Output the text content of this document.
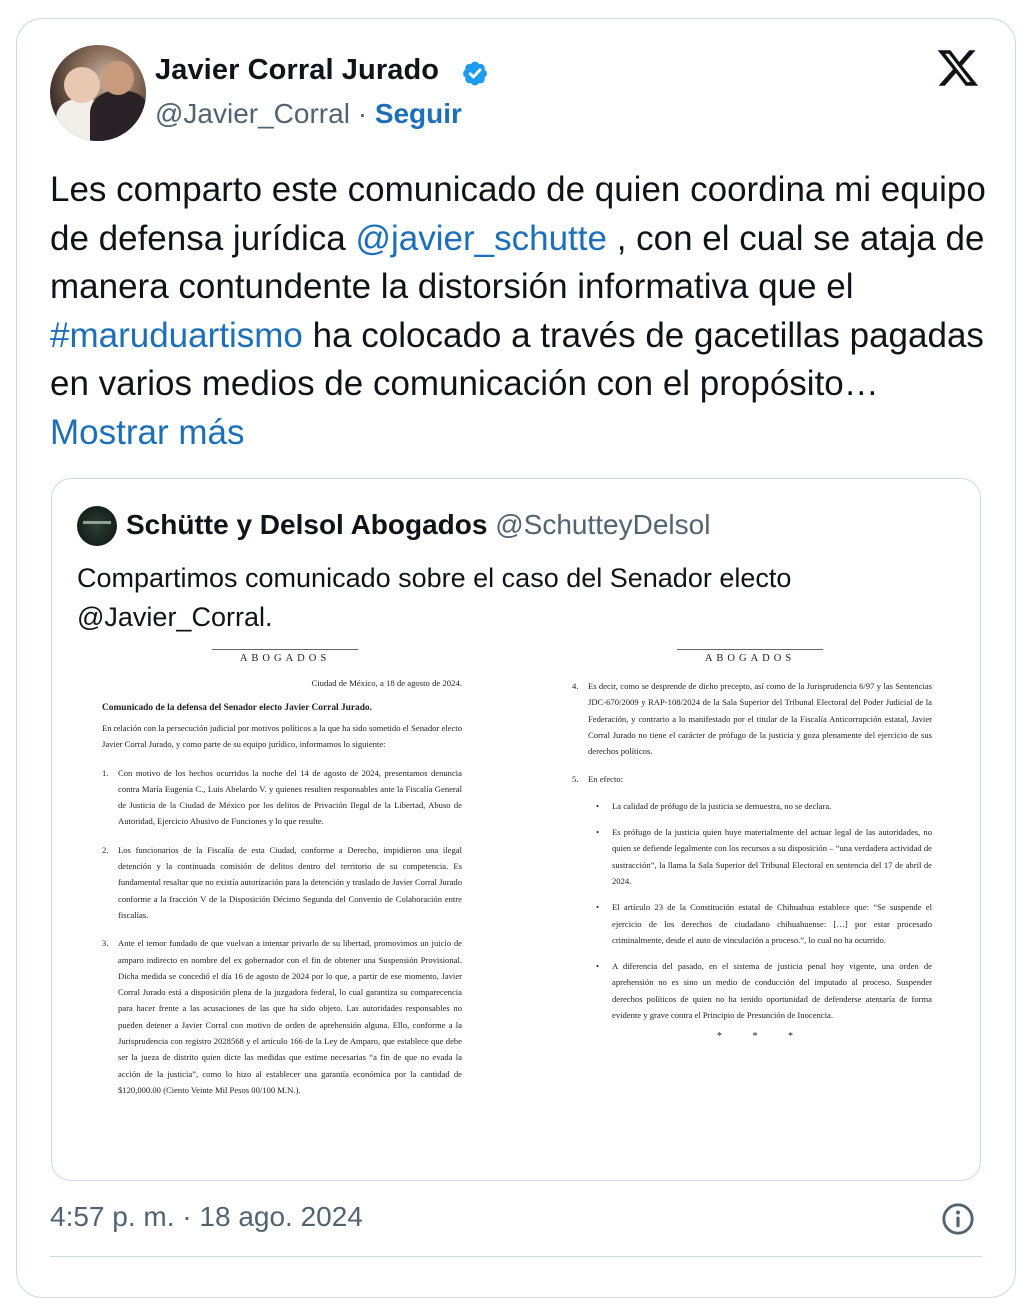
Javier Corral Jurado
@Javier_Corral · Seguir
Les comparto este comunicado de quien coordina mi equipo de defensa jurídica @javier_schutte , con el cual se ataja de manera contundente la distorsión informativa que el #maruduartismo ha colocado a través de gacetillas pagadas en varios medios de comunicación con el propósito… Mostrar más
Schütte y Delsol Abogados @SchutteyDelsol
Compartimos comunicado sobre el caso del Senador electo @Javier_Corral.
ABOGADOS
Ciudad de México, a 18 de agosto de 2024.
Comunicado de la defensa del Senador electo Javier Corral Jurado.
En relación con la persecución judicial por motivos políticos a la que ha sido sometido el Senador electo Javier Corral Jurado, y como parte de su equipo jurídico, informamos lo siguiente:
1. Con motivo de los hechos ocurridos la noche del 14 de agosto de 2024, presentamos denuncia contra María Eugenia C., Luis Abelardo V. y quienes resulten responsables ante la Fiscalía General de Justicia de la Ciudad de México por los delitos de Privación Ilegal de la Libertad, Abuso de Autoridad, Ejercicio Abusivo de Funciones y lo que resulte.
2. Los funcionarios de la Fiscalía de esta Ciudad, conforme a Derecho, impidieron una ilegal detención y la continuada comisión de delitos dentro del territorio de su competencia. Es fundamental resaltar que no existía autorización para la detención y traslado de Javier Corral Jurado conforme a la fracción V de la Disposición Décimo Segunda del Convenio de Colaboración entre fiscalías.
3. Ante el temor fundado de que vuelvan a intentar privarlo de su libertad, promovimos un juicio de amparo indirecto en nombre del ex gobernador con el fin de obtener una Suspensión Provisional. Dicha medida se concedió el día 16 de agosto de 2024 por lo que, a partir de ese momento, Javier Corral Jurado está a disposición plena de la juzgadora federal, lo cual garantiza su comparecencia para hacer frente a las acusaciones de las que ha sido objeto. Las autoridades responsables no pueden detener a Javier Corral con motivo de orden de aprehensión alguna. Ello, conforme a la Jurisprudencia con registro 2028568 y el artículo 166 de la Ley de Amparo, que establece que debe ser la jueza de distrito quien dicte las medidas que estime necesarias “a fin de que no evada la acción de la justicia”, como lo hizo al establecer una garantía económica por la cantidad de $120,000.00 (Ciento Veinte Mil Pesos 00/100 M.N.).
ABOGADOS
4. Es decir, como se desprende de dicho precepto, así como de la Jurisprudencia 6/97 y las Sentencias JDC-670/2009 y RAP-108/2024 de la Sala Superior del Tribunal Electoral del Poder Judicial de la Federación, y contrario a lo manifestado por el titular de la Fiscalía Anticorrupción estatal, Javier Corral Jurado no tiene el carácter de prófugo de la justicia y goza plenamente del ejercicio de sus derechos políticos.
5. En efecto:
• La calidad de prófugo de la justicia se demuestra, no se declara.
• Es prófugo de la justicia quien huye materialmente del actuar legal de las autoridades, no quien se defiende legalmente con los recursos a su disposición – “una verdadera actividad de sustracción”, la llama la Sala Superior del Tribunal Electoral en sentencia del 17 de abril de 2024.
• El artículo 23 de la Constitución estatal de Chihuahua establece que: “Se suspende el ejercicio de los derechos de ciudadano chihuahuense: […] por estar procesado criminalmente, desde el auto de vinculación a proceso.”, lo cual no ha ocurrido.
• A diferencia del pasado, en el sistema de justicia penal hoy vigente, una orden de aprehensión no es sino un medio de conducción del imputado al proceso. Suspender derechos políticos de quien no ha tenido oportunidad de defenderse atentaría de forma evidente y grave contra el Principio de Presunción de Inocencia.
* * *
4:57 p. m. · 18 ago. 2024
